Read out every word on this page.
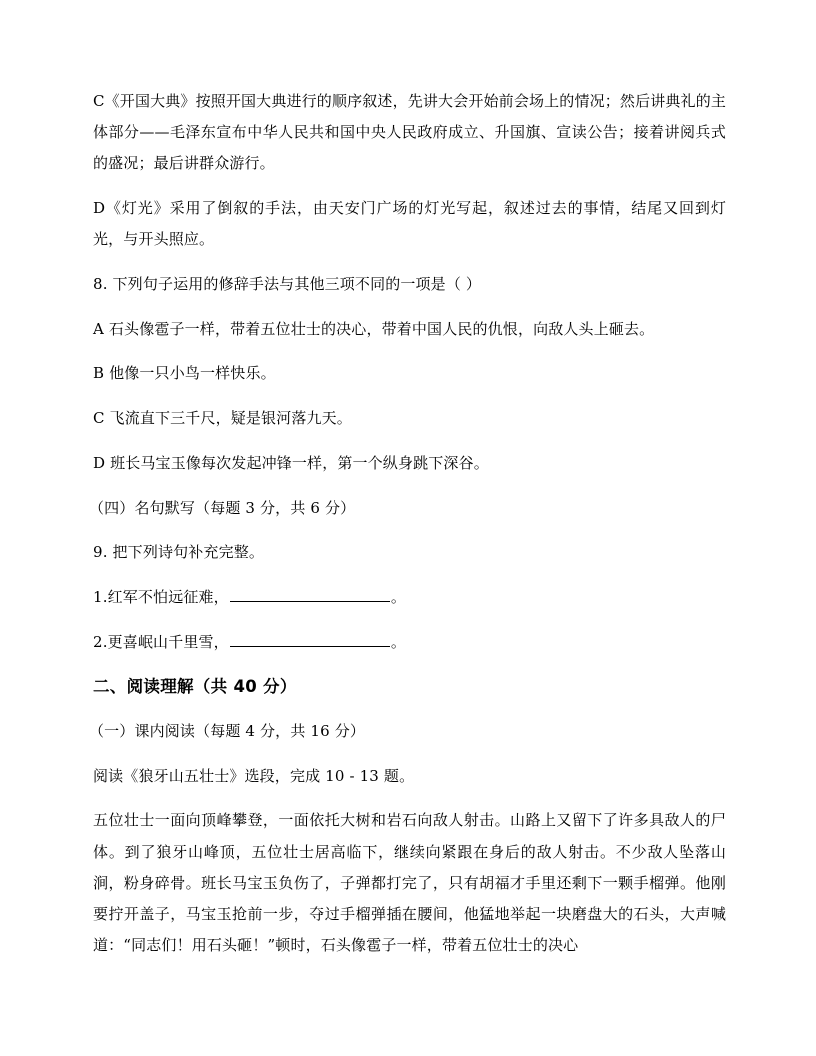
C《开国大典》按照开国大典进行的顺序叙述，先讲大会开始前会场上的情况；然后讲典礼的主体部分——毛泽东宣布中华人民共和国中央人民政府成立、升国旗、宣读公告；接着讲阅兵式的盛况；最后讲群众游行。

D《灯光》采用了倒叙的手法，由天安门广场的灯光写起，叙述过去的事情，结尾又回到灯光，与开头照应。

8. 下列句子运用的修辞手法与其他三项不同的一项是（ ）

A 石头像雹子一样，带着五位壮士的决心，带着中国人民的仇恨，向敌人头上砸去。

B 他像一只小鸟一样快乐。

C 飞流直下三千尺，疑是银河落九天。

D 班长马宝玉像每次发起冲锋一样，第一个纵身跳下深谷。

（四）名句默写（每题 3 分，共 6 分）

9. 把下列诗句补充完整。

1.红军不怕远征难，	。

2.更喜岷山千里雪，	。

二、阅读理解（共 40 分）

（一）课内阅读（每题 4 分，共 16 分）

阅读《狼牙山五壮士》选段，完成 10 - 13 题。

五位壮士一面向顶峰攀登，一面依托大树和岩石向敌人射击。山路上又留下了许多具敌人的尸体。到了狼牙山峰顶，五位壮士居高临下，继续向紧跟在身后的敌人射击。不少敌人坠落山涧，粉身碎骨。班长马宝玉负伤了，子弹都打完了，只有胡福才手里还剩下一颗手榴弹。他刚要拧开盖子，马宝玉抢前一步，夺过手榴弹插在腰间，他猛地举起一块磨盘大的石头，大声喊道：“同志们！用石头砸！”顿时，石头像雹子一样，带着五位壮士的决心
